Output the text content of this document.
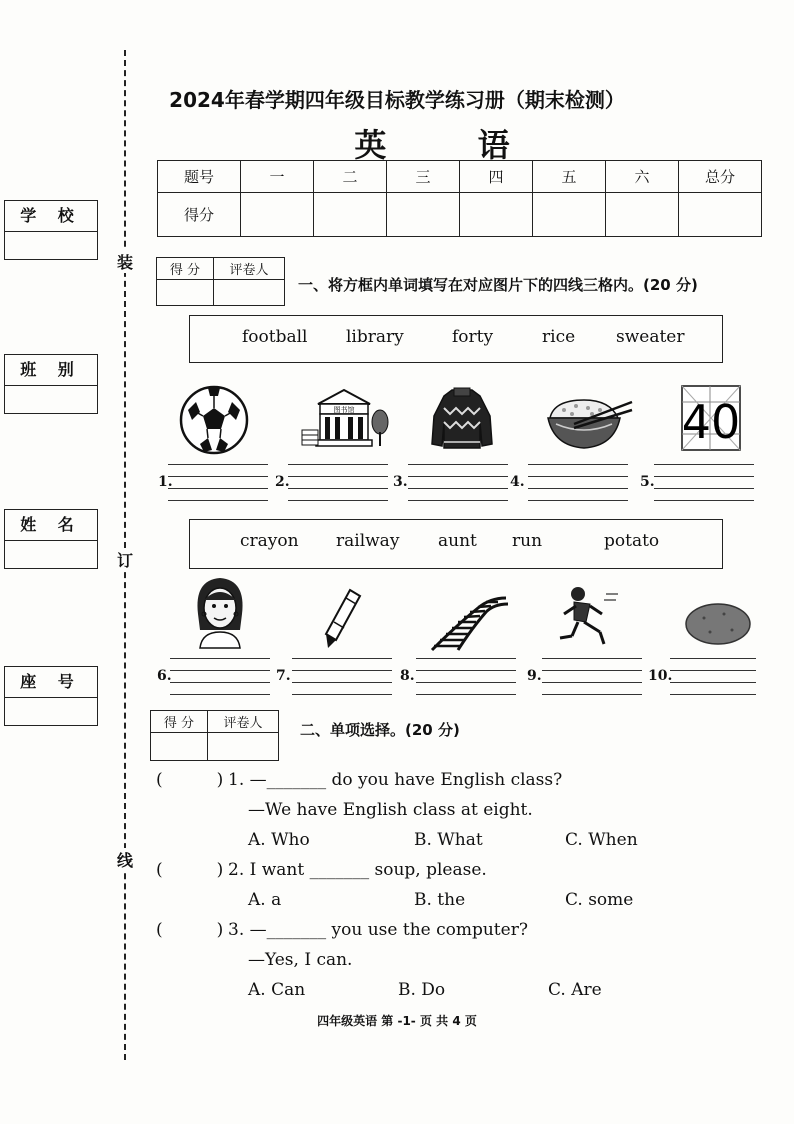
学 校
班 别
姓 名
座 号
装
订
线
2024年春学期四年级目标教学练习册（期末检测）
英 语
题号	一	二	三	四	五	六	总分
得分							
得 分	评卷人

一、将方框内单词填写在对应图片下的四线三格内。(20 分)
football library	forty	rice sweater
图书馆	40
1.	2.	3.	4.	5.
crayon railway aunt run	potato
6.	7.	8.	9.	10.
得 分	评卷人
		二、单项选择。(20 分)
(          ) 1. —_______ do you have English class?
—We have English class at eight.
A. Who	B. What	C. When
(          ) 2. I want _______ soup, please.
A. a	B. the	C. some
(          ) 3. —_______ you use the computer?
—Yes, I can.
A. Can	B. Do	C. Are
四年级英语 第 -1- 页 共 4 页
